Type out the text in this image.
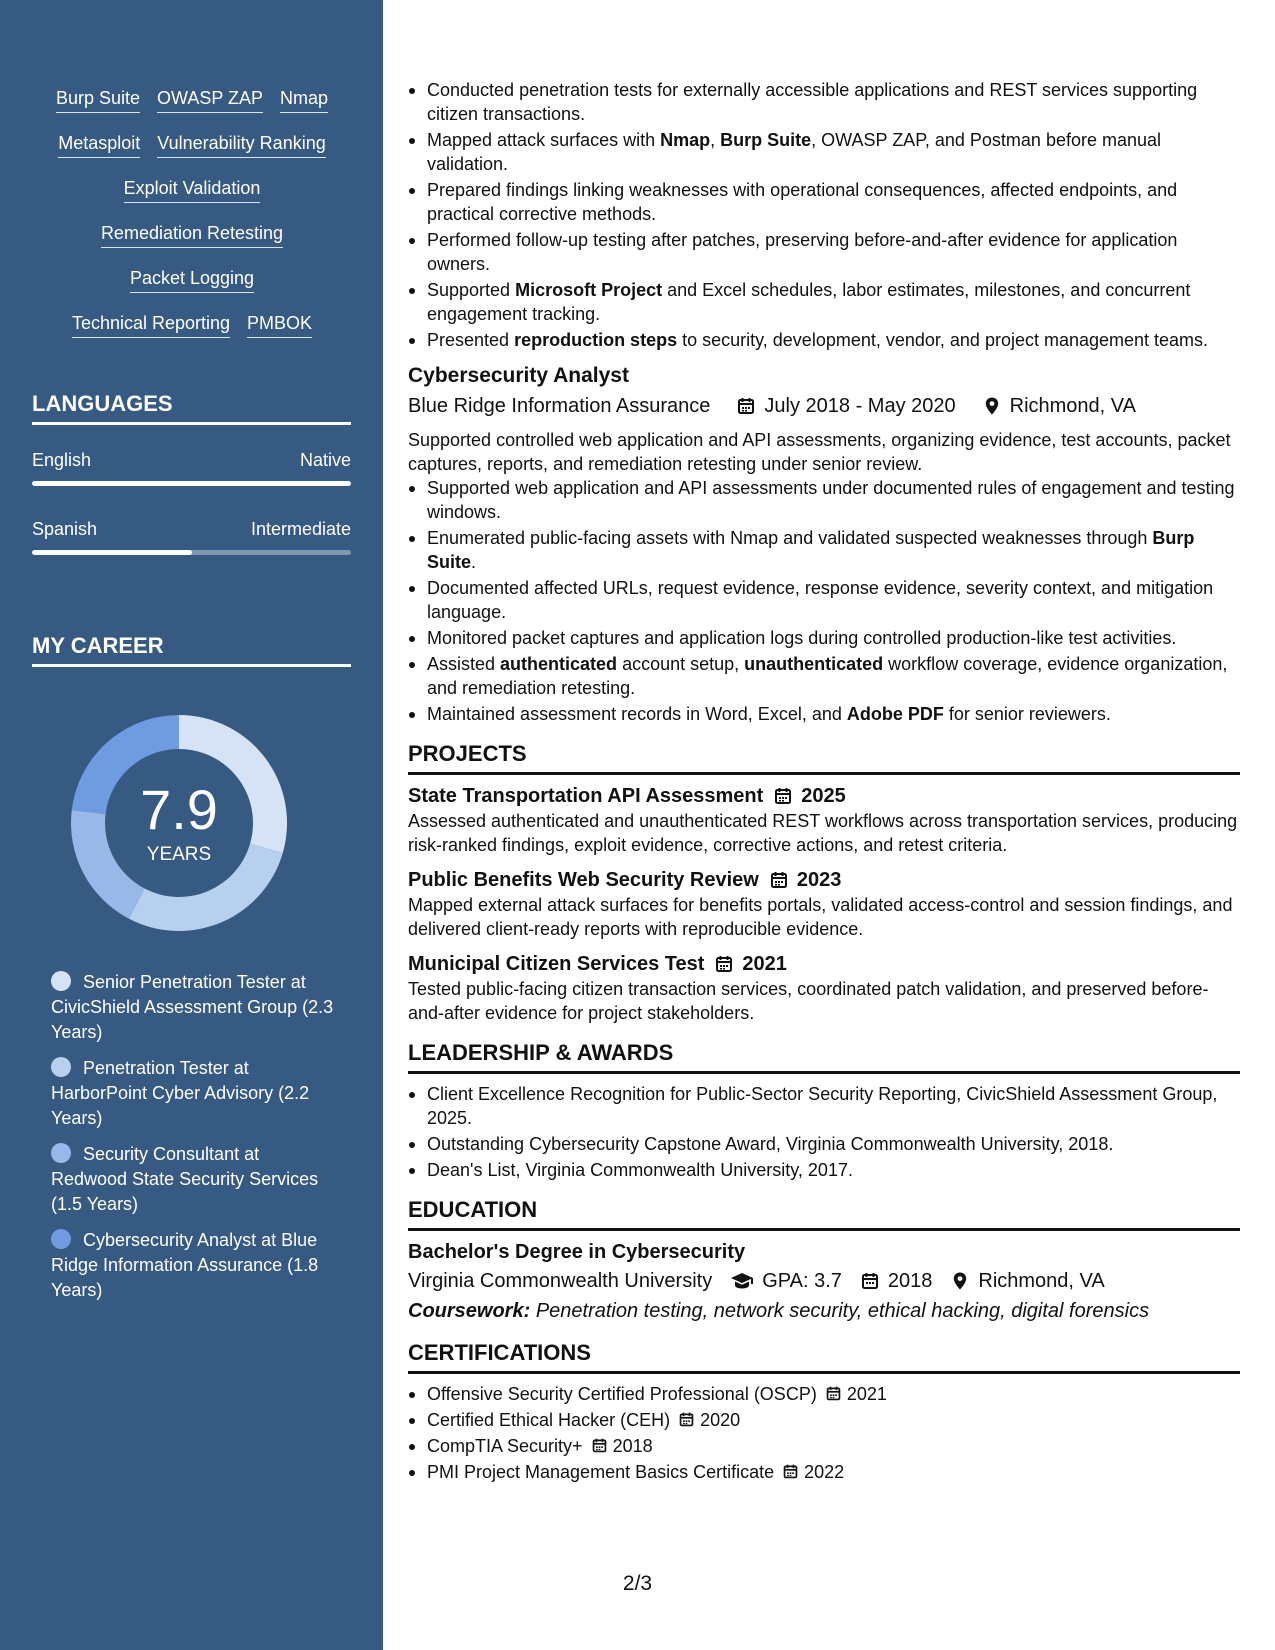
Burp Suite OWASP ZAP Nmap
Metasploit Vulnerability Ranking
Exploit Validation
Remediation Retesting
Packet Logging
Technical Reporting PMBOK
LANGUAGES
English	Native
Spanish	Intermediate
MY CAREER
7.9
YEARS
Senior Penetration Tester at CivicShield Assessment Group (2.3 Years)
Penetration Tester at HarborPoint Cyber Advisory (2.2 Years)
Security Consultant at Redwood State Security Services (1.5 Years)
Cybersecurity Analyst at Blue Ridge Information Assurance (1.8 Years)
Conducted penetration tests for externally accessible applications and REST services supporting citizen transactions.
Mapped attack surfaces with Nmap, Burp Suite, OWASP ZAP, and Postman before manual validation.
Prepared findings linking weaknesses with operational consequences, affected endpoints, and practical corrective methods.
Performed follow-up testing after patches, preserving before-and-after evidence for application owners.
Supported Microsoft Project and Excel schedules, labor estimates, milestones, and concurrent engagement tracking.
Presented reproduction steps to security, development, vendor, and project management teams.
Cybersecurity Analyst
Blue Ridge Information Assurance	July 2018 - May 2020	Richmond, VA
Supported controlled web application and API assessments, organizing evidence, test accounts, packet captures, reports, and remediation retesting under senior review.
Supported web application and API assessments under documented rules of engagement and testing windows.
Enumerated public-facing assets with Nmap and validated suspected weaknesses through Burp Suite.
Documented affected URLs, request evidence, response evidence, severity context, and mitigation language.
Monitored packet captures and application logs during controlled production-like test activities.
Assisted authenticated account setup, unauthenticated workflow coverage, evidence organization, and remediation retesting.
Maintained assessment records in Word, Excel, and Adobe PDF for senior reviewers.
PROJECTS
State Transportation API Assessment 2025
Assessed authenticated and unauthenticated REST workflows across transportation services, producing risk-ranked findings, exploit evidence, corrective actions, and retest criteria.
Public Benefits Web Security Review 2023
Mapped external attack surfaces for benefits portals, validated access-control and session findings, and delivered client-ready reports with reproducible evidence.
Municipal Citizen Services Test 2021
Tested public-facing citizen transaction services, coordinated patch validation, and preserved before-and-after evidence for project stakeholders.
LEADERSHIP & AWARDS
Client Excellence Recognition for Public-Sector Security Reporting, CivicShield Assessment Group, 2025.
Outstanding Cybersecurity Capstone Award, Virginia Commonwealth University, 2018.
Dean's List, Virginia Commonwealth University, 2017.
EDUCATION
Bachelor's Degree in Cybersecurity
Virginia Commonwealth University	GPA: 3.7 2018 Richmond, VA
Coursework: Penetration testing, network security, ethical hacking, digital forensics
CERTIFICATIONS
Offensive Security Certified Professional (OSCP) 2021
Certified Ethical Hacker (CEH) 2020
CompTIA Security+ 2018
PMI Project Management Basics Certificate 2022
2/3
